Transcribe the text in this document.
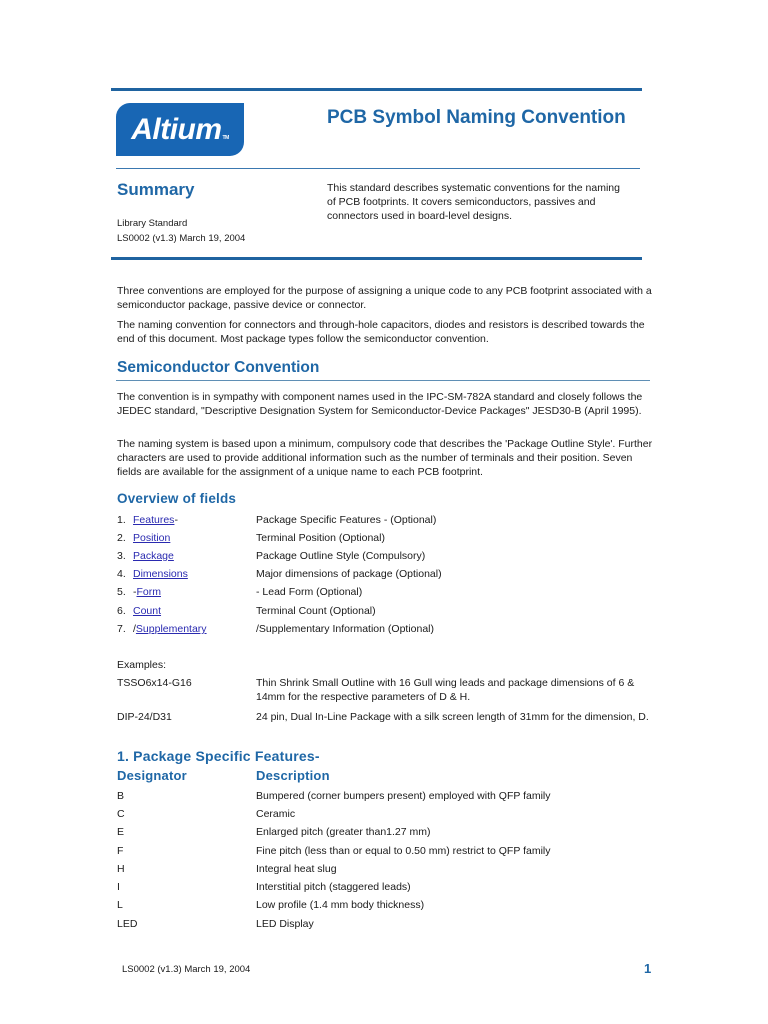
Altium TM
PCB Symbol Naming Convention
Summary
Library Standard
LS0002 (v1.3) March 19, 2004
This standard describes systematic conventions for the naming of PCB footprints. It covers semiconductors, passives and connectors used in board-level designs.
Three conventions are employed for the purpose of assigning a unique code to any PCB footprint associated with a semiconductor package, passive device or connector.
The naming convention for connectors and through-hole capacitors, diodes and resistors is described towards the end of this document. Most package types follow the semiconductor convention.
Semiconductor Convention
The convention is in sympathy with component names used in the IPC-SM-782A standard and closely follows the JEDEC standard, "Descriptive Designation System for Semiconductor-Device Packages" JESD30-B (April 1995).
The naming system is based upon a minimum, compulsory code that describes the 'Package Outline Style'. Further characters are used to provide additional information such as the number of terminals and their position. Seven fields are available for the assignment of a unique name to each PCB footprint.
Overview of fields
1. Features-	Package Specific Features - (Optional)
2. Position	Terminal Position (Optional)
3. Package	Package Outline Style (Compulsory)
4. Dimensions	Major dimensions of package (Optional)
5. -Form	- Lead Form (Optional)
6. Count	Terminal Count (Optional)
7. /Supplementary	/Supplementary Information (Optional)
Examples:
TSSO6x14-G16	Thin Shrink Small Outline with 16 Gull wing leads and package dimensions of 6 & 14mm for the respective parameters of D & H.
DIP-24/D31	24 pin, Dual In-Line Package with a silk screen length of 31mm for the dimension, D.
1. Package Specific Features-
Designator	Description
B	Bumpered (corner bumpers present) employed with QFP family
C	Ceramic
E	Enlarged pitch (greater than1.27 mm)
F	Fine pitch (less than or equal to 0.50 mm) restrict to QFP family
H	Integral heat slug
I	Interstitial pitch (staggered leads)
L	Low profile (1.4 mm body thickness)
LED	LED Display
LS0002 (v1.3) March 19, 2004	1
